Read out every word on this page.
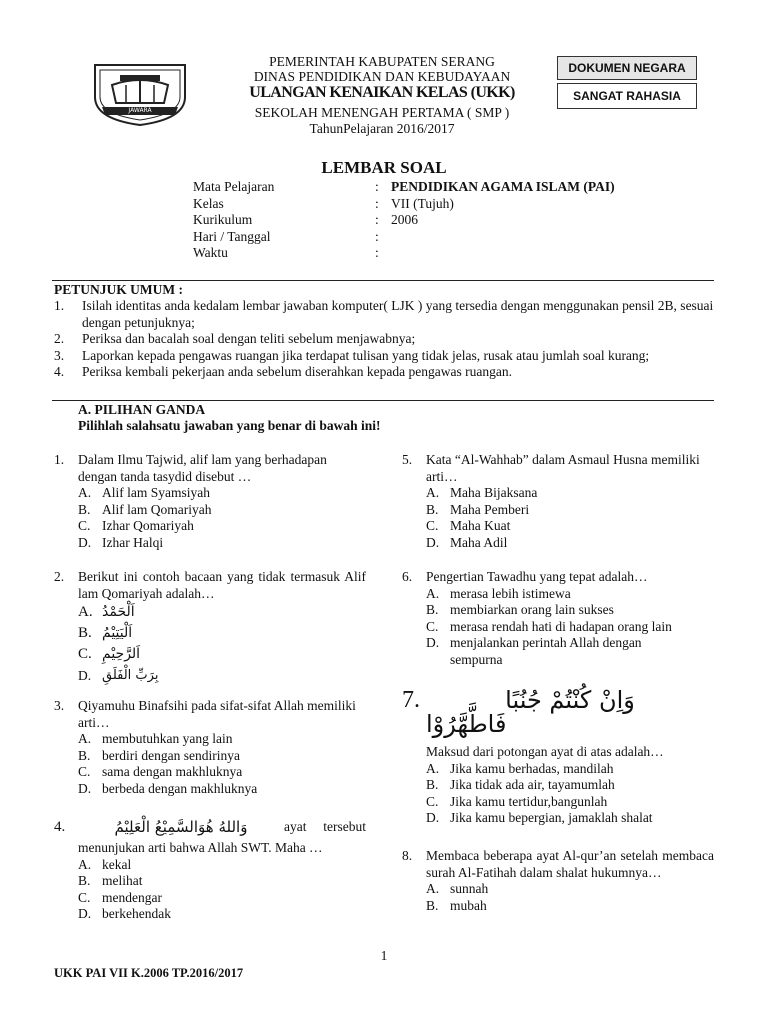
JAWARA
PEMERINTAH KABUPATEN SERANG
DINAS PENDIDIKAN DAN KEBUDAYAAN
ULANGAN KENAIKAN KELAS (UKK)
SEKOLAH MENENGAH PERTAMA ( SMP )
TahunPelajaran 2016/2017
DOKUMEN NEGARA
SANGAT RAHASIA
LEMBAR SOAL
Mata Pelajaran	: PENDIDIKAN AGAMA ISLAM (PAI)
Kelas	: VII (Tujuh)
Kurikulum	: 2006
Hari / Tanggal	:
Waktu	:
PETUNJUK UMUM :
1.	Isilah identitas anda kedalam lembar jawaban komputer( LJK ) yang tersedia dengan menggunakan pensil 2B, sesuai dengan petunjuknya;
2.	Periksa dan bacalah soal dengan teliti sebelum menjawabnya;
3.	Laporkan kepada pengawas ruangan jika terdapat tulisan yang tidak jelas, rusak atau jumlah soal kurang;
4.	Periksa kembali pekerjaan anda sebelum diserahkan kepada pengawas ruangan.
A. PILIHAN GANDA
Pilihlah salahsatu jawaban yang benar di bawah ini!
1.	Dalam Ilmu Tajwid, alif lam yang berhadapan dengan tanda tasydid disebut …
A. Alif lam Syamsiyah
B. Alif lam Qomariyah
C. Izhar Qomariyah
D. Izhar Halqi
2.	Berikut ini contoh bacaan yang tidak termasuk Alif lam Qomariyah adalah…
A. اَلْحَمْدُ
B. اَلْيَتِيْمُ
C. اَلرَّحِيْمِ
D. بِرَبِّ الْفَلَقِ
3.	Qiyamuhu Binafsihi pada sifat-sifat Allah memiliki arti…
A. membutuhkan yang lain
B. berdiri dengan sendirinya
C. sama dengan makhluknya
D. berbeda dengan makhluknya
4.	وَاللهُ هُوَالسَّمِيْعُ الْعَلِيْمُ	ayat tersebut
menunjukan arti bahwa Allah SWT. Maha …
A. kekal
B. melihat
C. mendengar
D. berkehendak
5.	Kata “Al-Wahhab” dalam Asmaul Husna memiliki arti…
A. Maha Bijaksana
B. Maha Pemberi
C. Maha Kuat
D. Maha Adil
6.	Pengertian Tawadhu yang tepat adalah…
A. merasa lebih istimewa
B. membiarkan orang lain sukses
C. merasa rendah hati di hadapan orang lain
D. menjalankan perintah Allah dengan sempurna
7.	وَاِنْ كُنْتُمْ جُنُبًا
فَاطَّهَّرُوْا
Maksud dari potongan ayat di atas adalah…
A. Jika kamu berhadas, mandilah
B. Jika tidak ada air, tayamumlah
C. Jika kamu tertidur,bangunlah
D. Jika kamu bepergian, jamaklah shalat
8.	Membaca beberapa ayat Al-qur’an setelah membaca surah Al-Fatihah dalam shalat hukumnya…
A. sunnah
B. mubah
1
UKK PAI VII K.2006 TP.2016/2017
